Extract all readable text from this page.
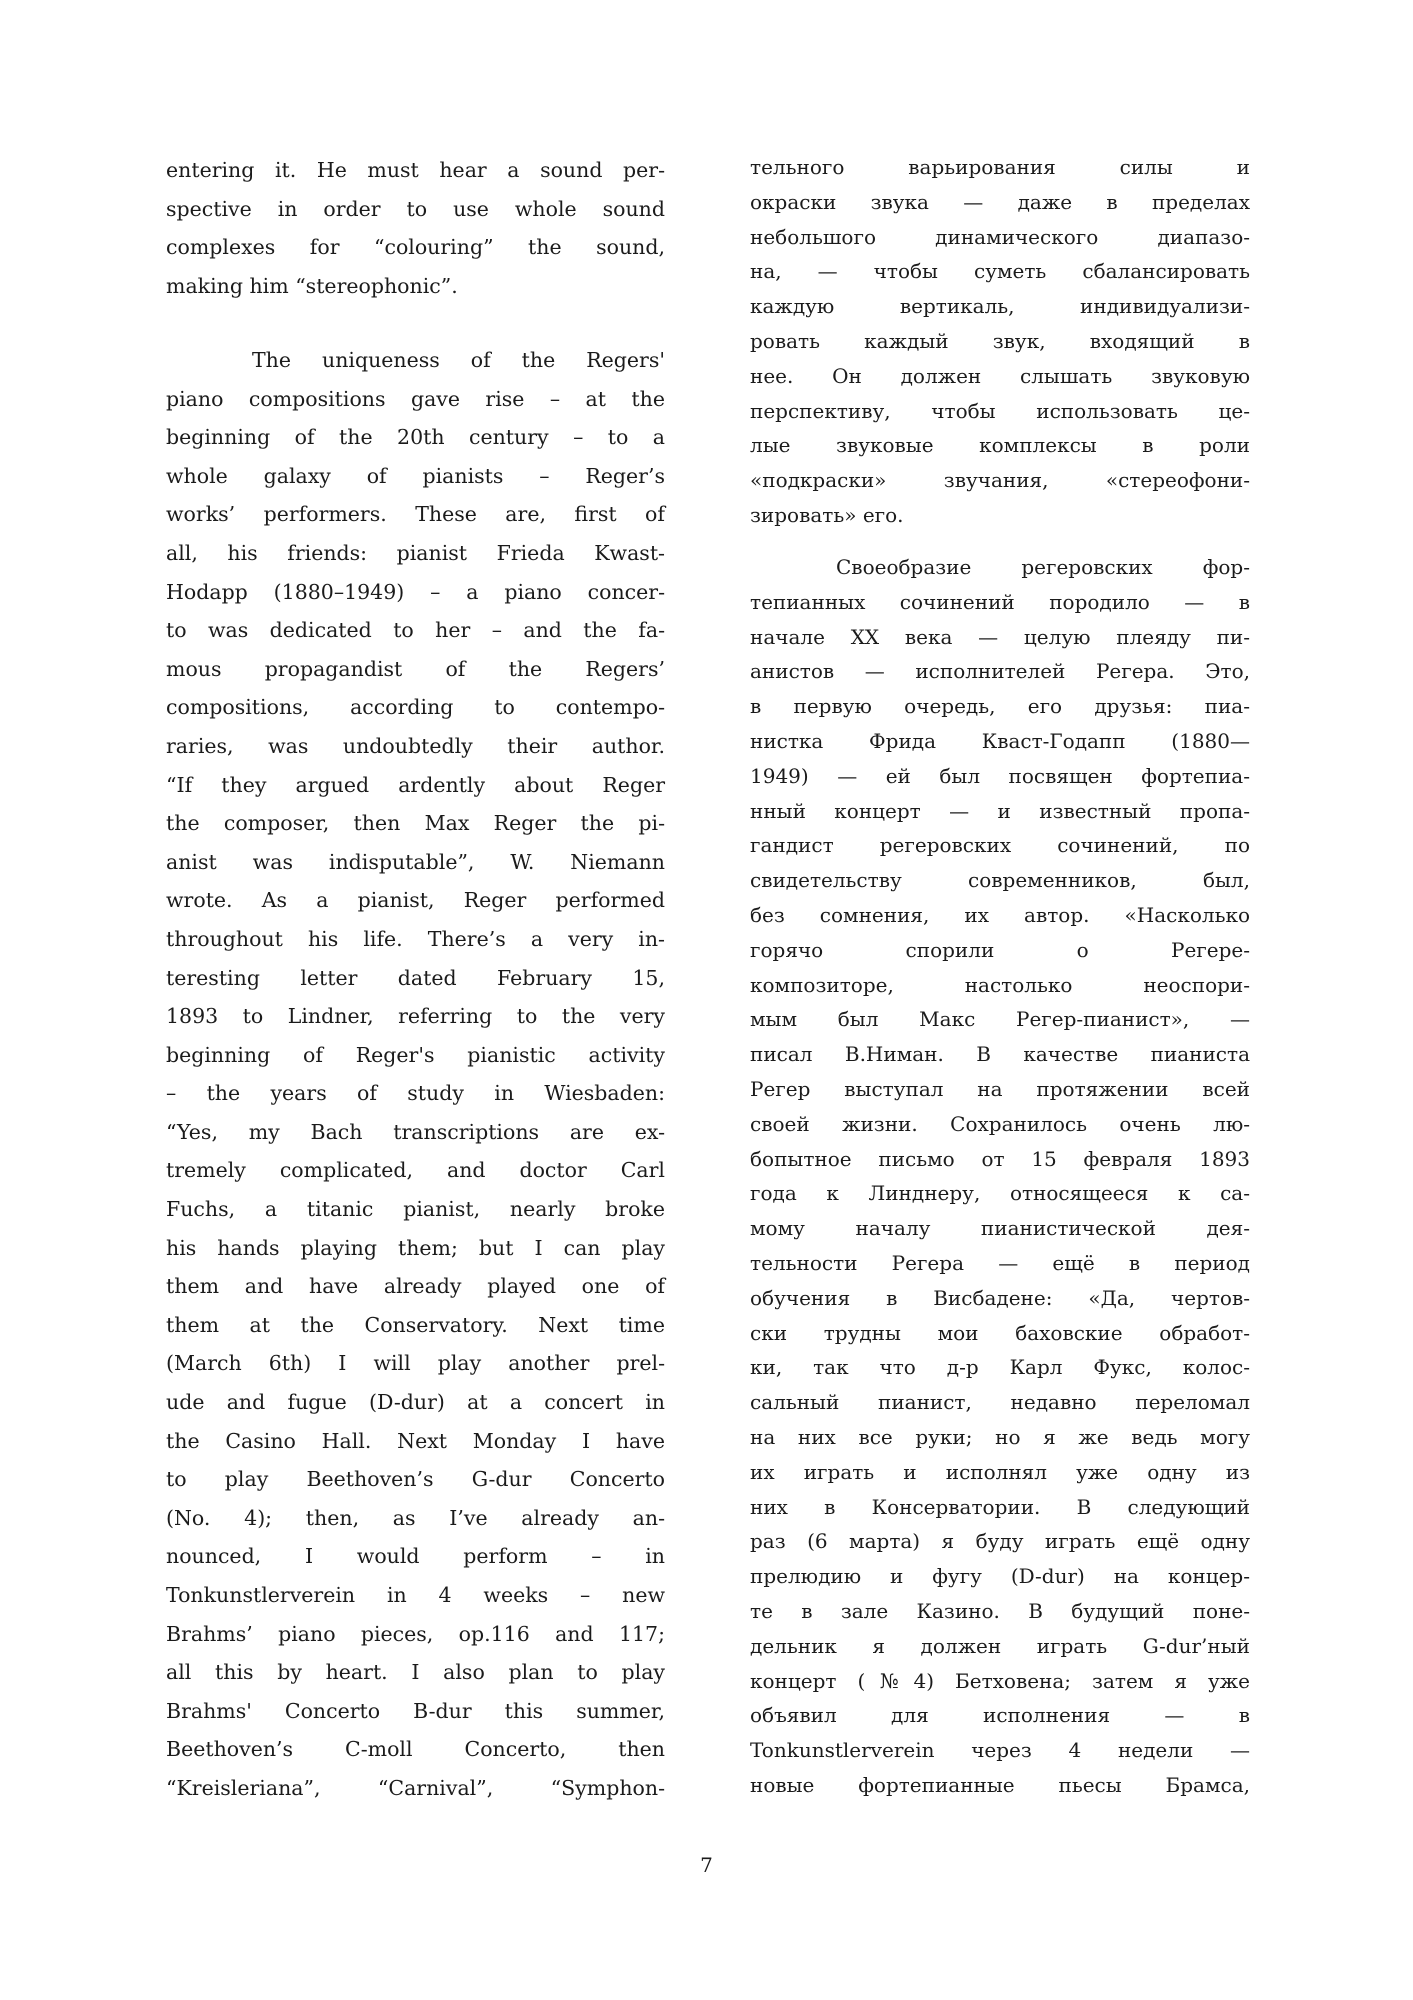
entering it. He must hear a sound per-
spective in order to use whole sound
complexes for “colouring” the sound,
making him “stereophonic”.
The uniqueness of the Regers'
piano compositions gave rise – at the
beginning of the 20th century – to a
whole galaxy of pianists – Reger’s
works’ performers. These are, first of
all, his friends: pianist Frieda Kwast-
Hodapp (1880–1949) – a piano concer-
to was dedicated to her – and the fa-
mous propagandist of the Regers’
compositions, according to contempo-
raries, was undoubtedly their author.
“If they argued ardently about Reger
the composer, then Max Reger the pi-
anist was indisputable”, W. Niemann
wrote. As a pianist, Reger performed
throughout his life. There’s a very in-
teresting letter dated February 15,
1893 to Lindner, referring to the very
beginning of Reger's pianistic activity
– the years of study in Wiesbaden:
“Yes, my Bach transcriptions are ex-
tremely complicated, and doctor Carl
Fuchs, a titanic pianist, nearly broke
his hands playing them; but I can play
them and have already played one of
them at the Conservatory. Next time
(March 6th) I will play another prel-
ude and fugue (D-dur) at a concert in
the Casino Hall. Next Monday I have
to play Beethoven’s G-dur Concerto
(No. 4); then, as I’ve already an-
nounced, I would perform – in
Tonkunstlerverein in 4 weeks – new
Brahms’ piano pieces, op.116 and 117;
all this by heart. I also plan to play
Brahms' Concerto B-dur this summer,
Beethoven’s C-moll Concerto, then
“Kreisleriana”, “Carnival”, “Symphon-
тельного варьирования силы и
окраски звука — даже в пределах
небольшого динамического диапазо-
на, — чтобы суметь сбалансировать
каждую вертикаль, индивидуализи-
ровать каждый звук, входящий в
нее. Он должен слышать звуковую
перспективу, чтобы использовать це-
лые звуковые комплексы в роли
«подкраски» звучания, «стереофони-
зировать» его.
Своеобразие регеровских фор-
тепианных сочинений породило — в
начале XX века — целую плеяду пи-
анистов — исполнителей Регера. Это,
в первую очередь, его друзья: пиа-
нистка Фрида Кваст-Годапп (1880—
1949) — ей был посвящен фортепиа-
нный концерт — и известный пропа-
гандист регеровских сочинений, по
свидетельству современников, был,
без сомнения, их автор. «Насколько
горячо спорили о Регере-
композиторе, настолько неоспори-
мым был Макс Регер-пианист», —
писал В.Ниман. В качестве пианиста
Регер выступал на протяжении всей
своей жизни. Сохранилось очень лю-
бопытное письмо от 15 февраля 1893
года к Линднеру, относящееся к са-
мому началу пианистической дея-
тельности Регера — ещё в период
обучения в Висбадене: «Да, чертов-
ски трудны мои баховские обработ-
ки, так что д-р Карл Фукс, колос-
сальный пианист, недавно переломал
на них все руки; но я же ведь могу
их играть и исполнял уже одну из
них в Консерватории. В следующий
раз (6 марта) я буду играть ещё одну
прелюдию и фугу (D-dur) на концер-
те в зале Казино. В будущий поне-
дельник я должен играть G-dur’ный
концерт (№4) Бетховена; затем я уже
объявил для исполнения — в
Tonkunstlerverein через 4 недели —
новые фортепианные пьесы Брамса,
7
